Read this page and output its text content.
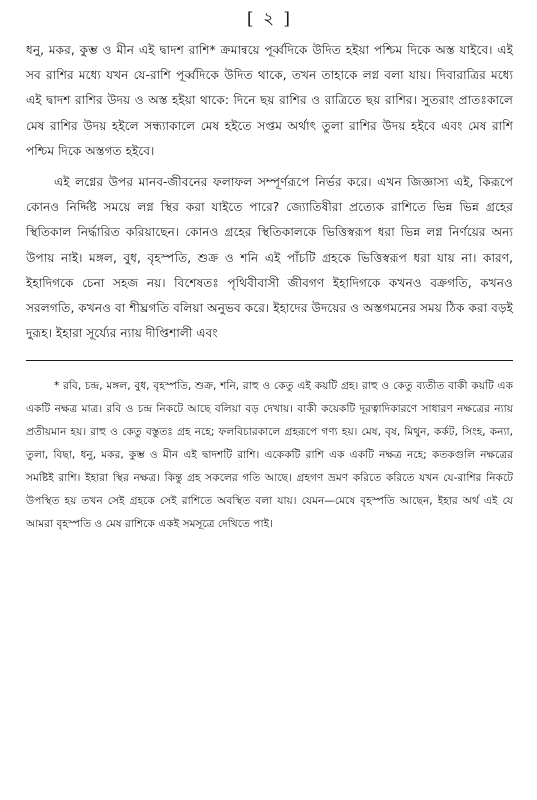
[ ২ ]

ধনু, মকর, কুম্ভ ও মীন এই দ্বাদশ রাশি* ক্রমান্বয়ে পূর্ব্বদিকে উদিত হইয়া পশ্চিম দিকে অস্ত যাইবে। এই সব রাশির মধ্যে যখন যে-রাশি পূর্ব্বদিকে উদিত থাকে, তখন তাহাকে লগ্ন বলা যায়। দিবারাত্রির মধ্যে এই দ্বাদশ রাশির উদয় ও অস্ত হইয়া থাকে: দিনে ছয় রাশির ও রাত্রিতে ছয় রাশির। সুতরাং প্রাতঃকালে মেষ রাশির উদয় হইলে সন্ধ্যাকালে মেষ হইতে সপ্তম অর্থাৎ তুলা রাশির উদয় হইবে এবং মেষ রাশি পশ্চিম দিকে অস্তগত হইবে।

এই লগ্নের উপর মানব-জীবনের ফলাফল সম্পূর্ণরূপে নির্ভর করে। এখন জিজ্ঞাস্য এই, কিরূপে কোনও নির্দ্দিষ্ট সময়ে লগ্ন স্থির করা যাইতে পারে? জ্যোতিষীরা প্রত্যেক রাশিতে ভিন্ন ভিন্ন গ্রহের স্থিতিকাল নির্দ্ধারিত করিয়াছেন। কোনও গ্রহের স্থিতিকালকে ভিত্তিস্বরূপ ধরা ভিন্ন লগ্ন নির্ণয়ের অন্য উপায় নাই। মঙ্গল, বুধ, বৃহস্পতি, শুক্র ও শনি এই পাঁচটি গ্রহকে ভিত্তিস্বরূপ ধরা যায় না। কারণ, ইহাদিগকে চেনা সহজ নয়। বিশেষতঃ পৃথিবীবাসী জীবগণ ইহাদিগকে কখনও বক্রগতি, কখনও সরলগতি, কখনও বা শীঘ্রগতি বলিয়া অনুভব করে। ইহাদের উদয়ের ও অস্তগমনের সময় ঠিক করা বড়ই দুরূহ। ইহারা সূর্য্যের ন্যায় দীপ্তিশালী এবং

* রবি, চন্দ্র, মঙ্গল, বুধ, বৃহস্পতি, শুক্র, শনি, রাহু ও কেতু এই কয়টি গ্রহ। রাহু ও কেতু ব্যতীত বাকী কয়টি এক একটি নক্ষত্র মাত্র। রবি ও চন্দ্র নিকটে আছে বলিয়া বড় দেখায়। বাকী কয়েকটি দূরত্বাদিকারণে সাধারণ নক্ষত্রের ন্যায় প্রতীয়মান হয়। রাহু ও কেতু বস্তুতঃ গ্রহ নহে; ফলবিচারকালে গ্রহরূপে গণ্য হয়। মেষ, বৃষ, মিথুন, কর্কট, সিংহ, কন্যা, তুলা, বিছা, ধনু, মকর, কুম্ভ ও মীন এই দ্বাদশটি রাশি। একেকটি রাশি এক একটি নক্ষত্র নহে; কতকগুলি নক্ষত্রের সমষ্টিই রাশি। ইহারা স্থির নক্ষত্র। কিন্তু গ্রহ সকলের গতি আছে। গ্রহগণ ভ্রমণ করিতে করিতে যখন যে-রাশির নিকটে উপস্থিত হয় তখন সেই গ্রহকে সেই রাশিতে অবস্থিত বলা যায়। যেমন—মেষে বৃহস্পতি আছেন, ইহার অর্থ এই যে আমরা বৃহস্পতি ও মেষ রাশিকে একই সমসূত্রে দেখিতে পাই।
